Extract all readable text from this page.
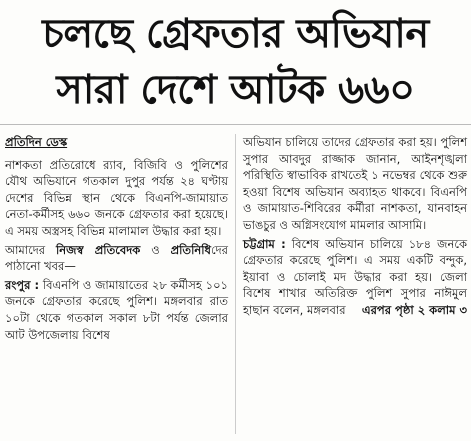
চলছে গ্রেফতার অভিযান
সারা দেশে আটক ৬৬০
প্রতিদিন ডেস্ক
নাশকতা প্রতিরোধে র‌্যাব, বিজিবি ও পুলিশের যৌথ অভিযানে গতকাল দুপুর পর্যন্ত ২৪ ঘণ্টায় দেশের বিভিন্ন স্থান থেকে বিএনপি-জামায়াত নেতা-কর্মীসহ ৬৬০ জনকে গ্রেফতার করা হয়েছে। এ সময় অস্ত্রসহ বিভিন্ন মালামাল উদ্ধার করা হয়।
আমাদের নিজস্ব প্রতিবেদক ও প্রতিনিধিদের পাঠানো খবর—
রংপুর : বিএনপি ও জামায়াতের ২৮ কর্মীসহ ১০১ জনকে গ্রেফতার করেছে পুলিশ। মঙ্গলবার রাত ১০টা থেকে গতকাল সকাল ৮টা পর্যন্ত জেলার আট উপজেলায় বিশেষ
অভিযান চালিয়ে তাদের গ্রেফতার করা হয়। পুলিশ সুপার আবদুর রাজ্জাক জানান, আইনশৃঙ্খলা পরিস্থিতি স্বাভাবিক রাখতেই ১ নভেম্বর থেকে শুরু হওয়া বিশেষ অভিযান অব্যাহত থাকবে। বিএনপি ও জামায়াত-শিবিরের কর্মীরা নাশকতা, যানবাহন ভাঙচুর ও অগ্নিসংযোগ মামলার আসামি।
চট্টগ্রাম : বিশেষ অভিযান চালিয়ে ১৮৪ জনকে গ্রেফতার করেছে পুলিশ। এ সময় একটি বন্দুক, ইয়াবা ও চোলাই মদ উদ্ধার করা হয়। জেলা বিশেষ শাখার অতিরিক্ত পুলিশ সুপার নাঈমুল হাছান বলেন, মঙ্গলবার এরপর পৃষ্ঠা ২ কলাম ৩
